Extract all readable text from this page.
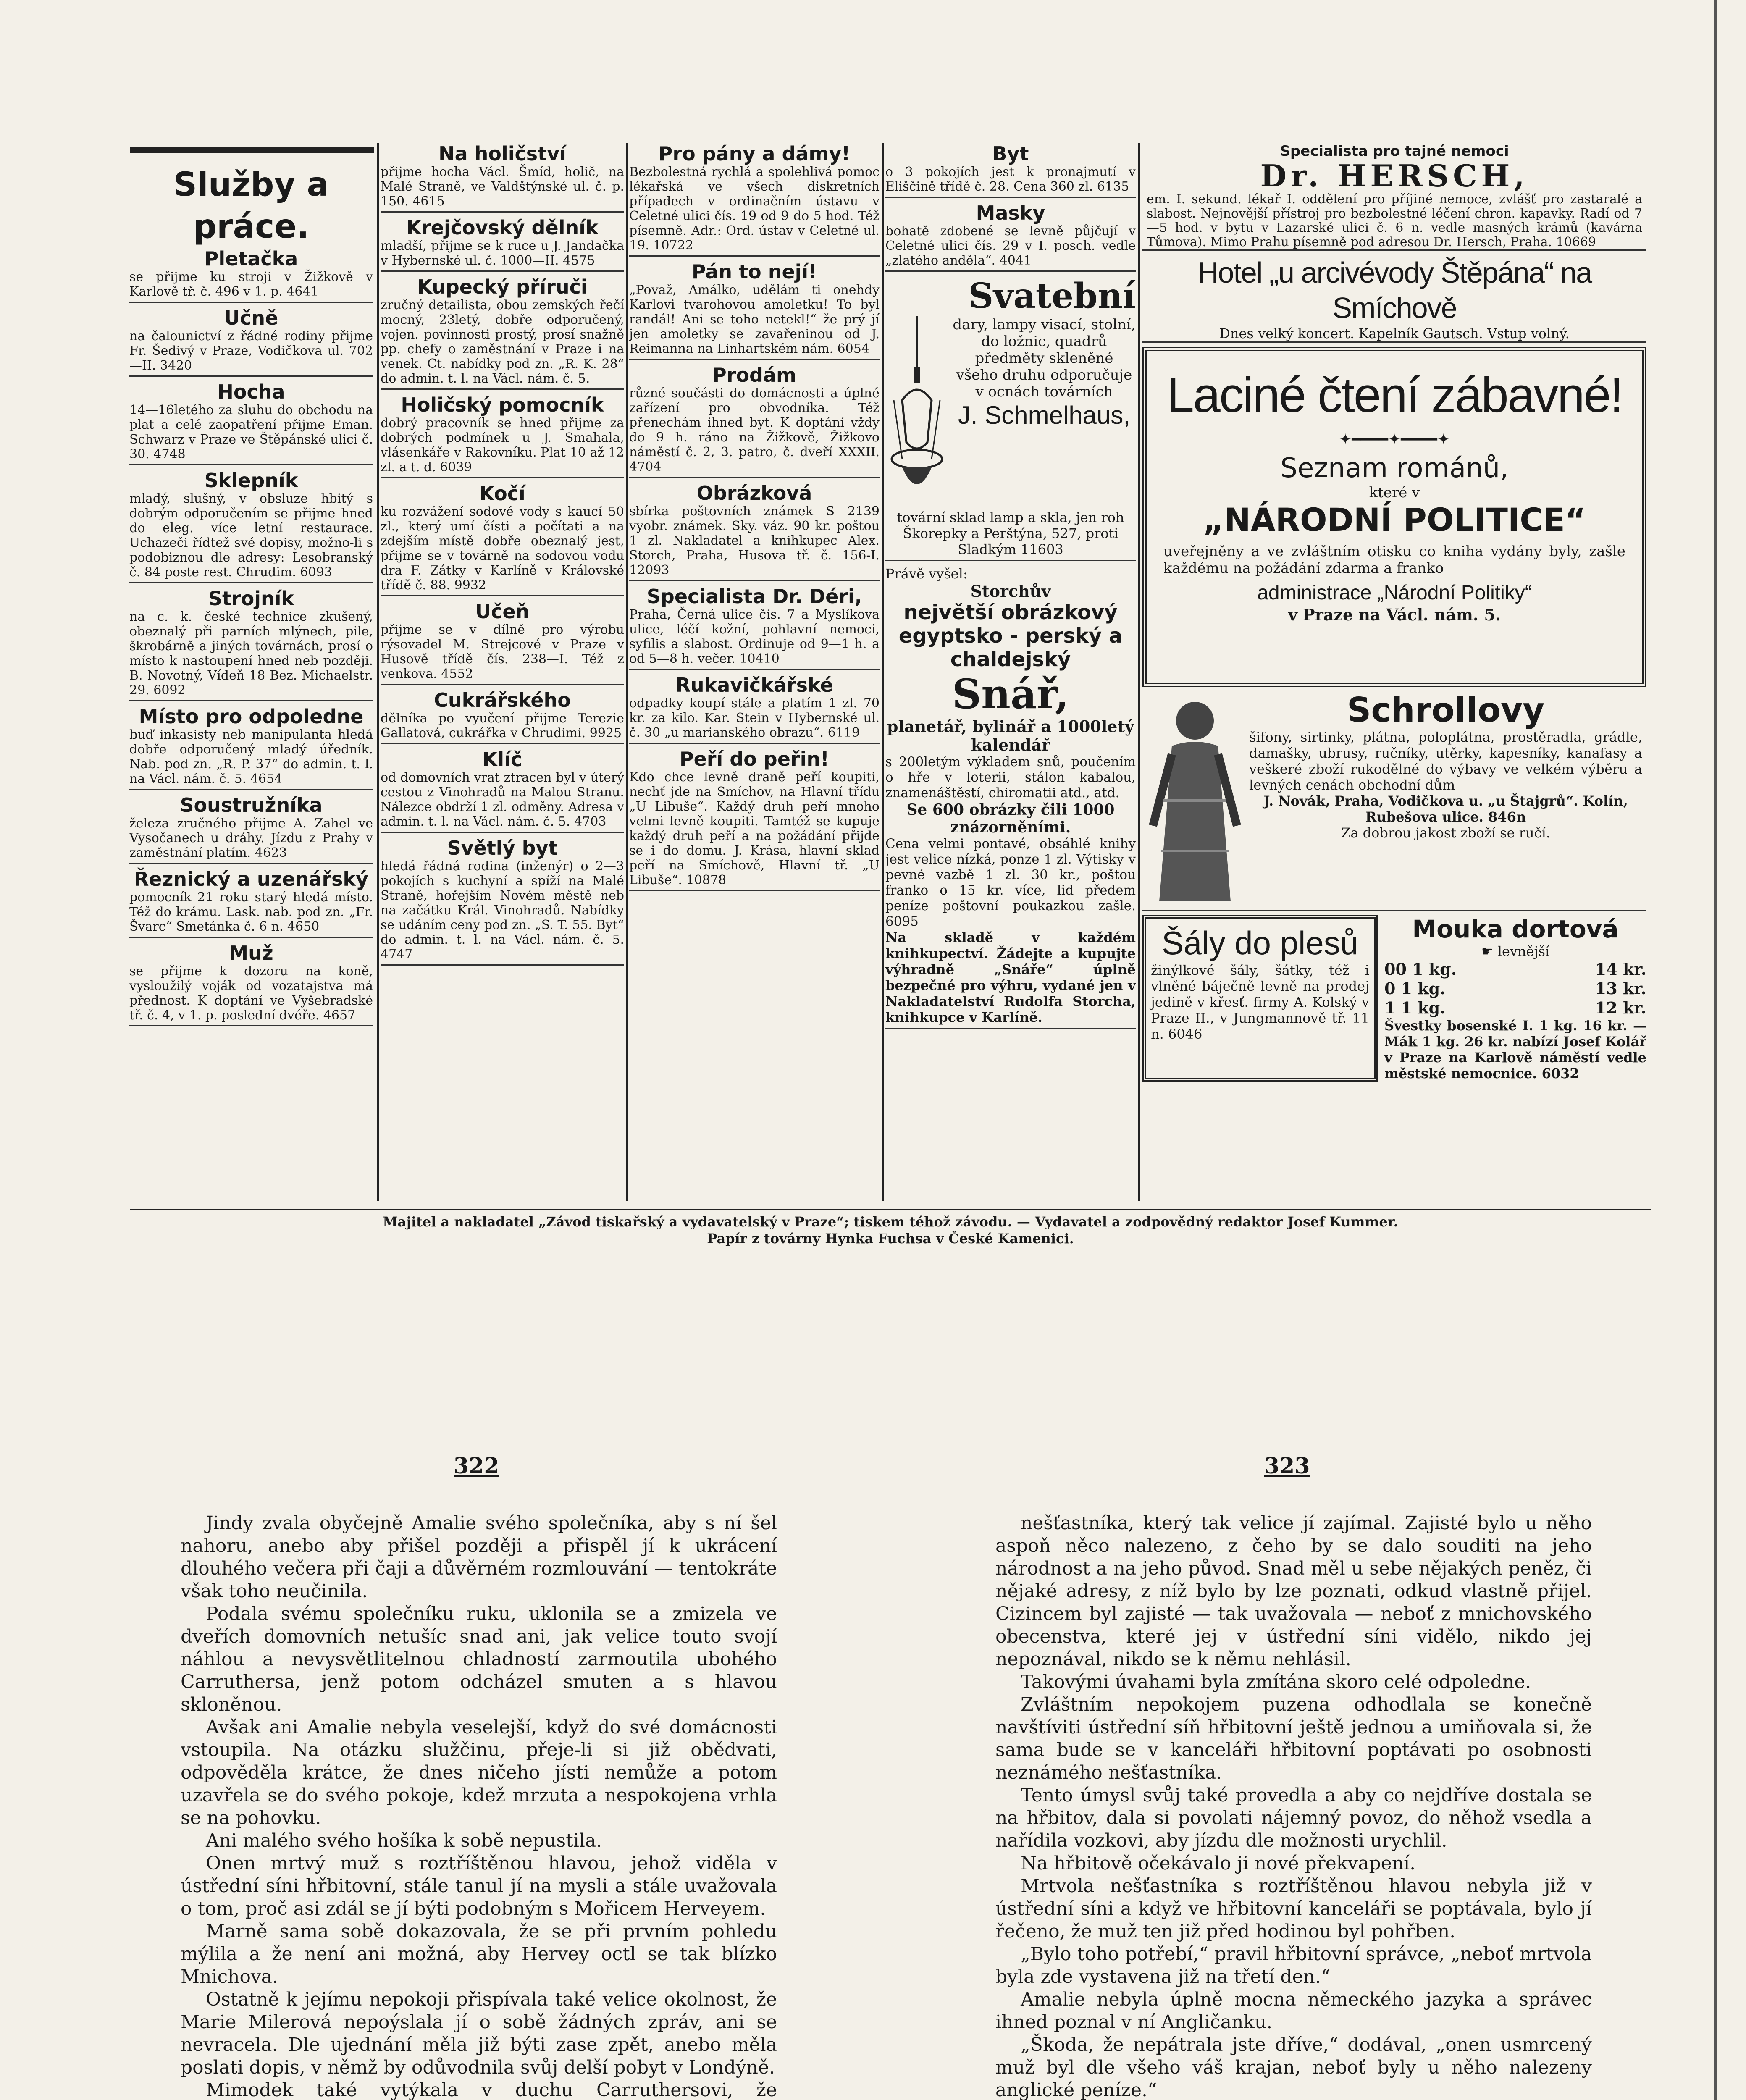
Služby a práce.

Pletačka

se přijme ku stroji v Žižkově v Karlově tř. č. 496 v 1. p. 4641

Učně

na čalounictví z řádné rodiny přijme Fr. Šedivý v Praze, Vodičkova ul. 702—II. 3420

Hocha

14—16letého za sluhu do obchodu na plat a celé zaopatření přijme Eman. Schwarz v Praze ve Štěpánské ulici č. 30. 4748

Sklepník

mladý, slušný, v obsluze hbitý s dobrým odporučením se přijme hned do eleg. více letní restaurace. Uchazeči řídtež své dopisy, možno-li s podobiznou dle adresy: Lesobranský č. 84 poste rest. Chrudim. 6093

Strojník

na c. k. české technice zkušený, obeznalý při parních mlýnech, pile, škrobárně a jiných továrnách, prosí o místo k nastoupení hned neb později. B. Novotný, Vídeň 18 Bez. Michaelstr. 29. 6092

Místo pro odpoledne

buď inkasisty neb manipulanta hledá dobře odporučený mladý úředník. Nab. pod zn. „R. P. 37“ do admin. t. l. na Václ. nám. č. 5. 4654

Soustružníka

železa zručného přijme A. Zahel ve Vysočanech u dráhy. Jízdu z Prahy v zaměstnání platím. 4623

Řeznický a uzenářský

pomocník 21 roku starý hledá místo. Též do krámu. Lask. nab. pod zn. „Fr. Švarc“ Smetánka č. 6 n. 4650

Muž

se přijme k dozoru na koně, vysloužilý voják od vozatajstva má přednost. K doptání ve Vyšebradské tř. č. 4, v 1. p. poslední dvéře. 4657

Na holičství

přijme hocha Václ. Šmíd, holič, na Malé Straně, ve Valdštýnské ul. č. p. 150. 4615

Krejčovský dělník

mladší, přijme se k ruce u J. Jandačka v Hybernské ul. č. 1000—II. 4575

Kupecký příruči

zručný detailista, obou zemských řečí mocný, 23letý, dobře odporučený, vojen. povinnosti prostý, prosí snažně pp. chefy o zaměstnání v Praze i na venek. Ct. nabídky pod zn. „R. K. 28“ do admin. t. l. na Václ. nám. č. 5.

Holičský pomocník

dobrý pracovník se hned přijme za dobrých podmínek u J. Smahala, vlásenkáře v Rakovníku. Plat 10 až 12 zl. a t. d. 6039

Kočí

ku rozvážení sodové vody s kaucí 50 zl., který umí čísti a počítati a na zdejším místě dobře obeznalý jest, přijme se v továrně na sodovou vodu dra F. Zátky v Karlíně v Královské třídě č. 88. 9932

Učeň

přijme se v dílně pro výrobu rýsovadel M. Strejcové v Praze v Husově třídě čís. 238—I. Též z venkova. 4552

Cukrářského

dělníka po vyučení přijme Terezie Gallatová, cukrářka v Chrudimi. 9925

Klíč

od domovních vrat ztracen byl v úterý cestou z Vinohradů na Malou Stranu. Nálezce obdrží 1 zl. odměny. Adresa v admin. t. l. na Václ. nám. č. 5. 4703

Světlý byt

hledá řádná rodina (inženýr) o 2—3 pokojích s kuchyní a spíží na Malé Straně, hořejším Novém městě neb na začátku Král. Vinohradů. Nabídky se udáním ceny pod zn. „S. T. 55. Byt“ do admin. t. l. na Václ. nám. č. 5. 4747

Pro pány a dámy!

Bezbolestná rychlá a spolehlivá pomoc lékařská ve všech diskretních případech v ordinačním ústavu v Celetné ulici čís. 19 od 9 do 5 hod. Též písemně. Adr.: Ord. ústav v Celetné ul. 19. 10722

Pán to nejí!

„Považ, Amálko, udělám ti onehdy Karlovi tvarohovou amoletku! To byl randál! Ani se toho netekl!“ že prý jí jen amoletky se zavařeninou od J. Reimanna na Linhartském nám. 6054

Prodám

různé součásti do domácnosti a úplné zařízení pro obvodníka. Též přenechám ihned byt. K doptání vždy do 9 h. ráno na Žižkově, Žižkovo náměstí č. 2, 3. patro, č. dveří XXXII. 4704

Obrázková

sbírka poštovních známek S 2139 vyobr. známek. Sky. váz. 90 kr. poštou 1 zl. Nakladatel a knihkupec Alex. Storch, Praha, Husova tř. č. 156-I. 12093

Specialista Dr. Déri,

Praha, Černá ulice čís. 7 a Myslíkova ulice, léčí kožní, pohlavní nemoci, syfilis a slabost. Ordinuje od 9—1 h. a od 5—8 h. večer. 10410

Rukavičkářské

odpadky koupí stále a platím 1 zl. 70 kr. za kilo. Kar. Stein v Hybernské ul. č. 30 „u marianského obrazu“. 6119

Peří do peřin!

Kdo chce levně draně peří koupiti, nechť jde na Smíchov, na Hlavní třídu „U Libuše“. Každý druh peří mnoho velmi levně koupiti. Tamtéž se kupuje každý druh peří a na požádání přijde se i do domu. J. Krása, hlavní sklad peří na Smíchově, Hlavní tř. „U Libuše“. 10878

Byt

o 3 pokojích jest k pronajmutí v Eliščině třídě č. 28. Cena 360 zl. 6135

Masky

bohatě zdobené se levně půjčují v Celetné ulici čís. 29 v I. posch. vedle „zlatého anděla“. 4041

Svatební

dary, lampy visací, stolní, do ložnic, quadrů předměty skleněné všeho druhu odporučuje v ocnách továrních

J. Schmelhaus,

tovární sklad lamp a skla, jen roh Škorepky a Perštýna, 527, proti Sladkým 11603

Právě vyšel:

Storchův

největší obrázkový egyptsko - perský a chaldejský

Snář,

planetář, bylinář a 1000letý kalendář

s 200letým výkladem snů, poučením o hře v loterii, stálon kabalou, znamenáštěstí, chiromatii atd., atd.

Se 600 obrázky čili 1000 znázorněními.

Cena velmi pontavé, obsáhlé knihy jest velice nízká, ponze 1 zl. Výtisky v pevné vazbě 1 zl. 30 kr., poštou franko o 15 kr. více, lid předem peníze poštovní poukazkou zašle. 6095

Na skladě v každém knihkupectví. Žádejte a kupujte výhradně „Snáře“ úplně bezpečné pro výhru, vydané jen v Nakladatelství Rudolfa Storcha, knihkupce v Karlíně.

Specialista pro tajné nemoci

Dr. HERSCH,

em. I. sekund. lékař I. oddělení pro příjiné nemoce, zvlášť pro zastaralé a slabost. Nejnovější přístroj pro bezbolestné léčení chron. kapavky. Radí od 7—5 hod. v bytu v Lazarské ulici č. 6 n. vedle masných krámů (kavárna Tůmova). Mimo Prahu písemně pod adresou Dr. Hersch, Praha. 10669

Hotel „u arcivévody Štěpána“ na Smíchově

Dnes velký koncert. Kapelník Gautsch. Vstup volný.

Laciné čtení zábavné!

✦━━━━✦━━━━✦

Seznam románů,

které v

„NÁRODNÍ POLITICE“

uveřejněny a ve zvláštním otisku co kniha vydány byly, zašle každému na požádání zdarma a franko

administrace „Národní Politiky“

v Praze na Václ. nám. 5.

Schrollovy

šifony, sirtinky, plátna, poloplátna, prostěradla, grádle, damašky, ubrusy, ručníky, utěrky, kapesníky, kanafasy a veškeré zboží rukodělné do výbavy ve velkém výběru a levných cenách obchodní dům

J. Novák, Praha, Vodičkova u. „u Štajgrů“. Kolín, Rubešova ulice. 846n

Za dobrou jakost zboží se ručí.

Šály do plesů

žinýlkové šály, šátky, též i vlněné báječně levně na prodej jedině v křesť. firmy A. Kolský v Praze II., v Jungmannově tř. 11 n. 6046

Mouka dortová

☛ levnější

00 1 kg.	14 kr.
0 1 kg.	13 kr.
1 1 kg.	12 kr.

Švestky bosenské I. 1 kg. 16 kr. — Mák 1 kg. 26 kr. nabízí Josef Kolář v Praze na Karlově náměstí vedle městské nemocnice. 6032

Majitel a nakladatel „Závod tiskařský a vydavatelský v Praze“; tiskem téhož závodu. — Vydavatel a zodpovědný redaktor Josef Kummer.

Papír z továrny Hynka Fuchsa v České Kamenici.

322	323

Jindy zvala obyčejně Amalie svého společníka, aby s ní šel nahoru, anebo aby přišel později a přispěl jí k ukrácení dlouhého večera při čaji a důvěrném rozmlouvání — tentokráte však toho neučinila.

Podala svému společníku ruku, uklonila se a zmizela ve dveřích domovních netušíc snad ani, jak velice touto svojí náhlou a nevysvětlitelnou chladností zarmoutila ubohého Carruthersa, jenž potom odcházel smuten a s hlavou skloněnou.

Avšak ani Amalie nebyla veselejší, když do své domácnosti vstoupila. Na otázku služčinu, přeje-li si již obědvati, odpověděla krátce, že dnes ničeho jísti nemůže a potom uzavřela se do svého pokoje, kdež mrzuta a nespokojena vrhla se na pohovku.

Ani malého svého hošíka k sobě nepustila.

Onen mrtvý muž s roztříštěnou hlavou, jehož viděla v ústřední síni hřbitovní, stále tanul jí na mysli a stále uvažovala o tom, proč asi zdál se jí býti podobným s Mořicem Herveyem.

Marně sama sobě dokazovala, že se při prvním pohledu mýlila a že není ani možná, aby Hervey octl se tak blízko Mnichova.

Ostatně k jejímu nepokoji přispívala také velice okolnost, že Marie Milerová nepoýslala jí o sobě žádných zpráv, ani se nevracela. Dle ujednání měla již býti zase zpět, anebo měla poslati dopis, v němž by odůvodnila svůj delší pobyt v Londýně.

Mimodek také vytýkala v duchu Carruthersovi, že

nešťastníka, který tak velice jí zajímal. Zajisté bylo u něho aspoň něco nalezeno, z čeho by se dalo souditi na jeho národnost a na jeho původ. Snad měl u sebe nějakých peněz, či nějaké adresy, z níž bylo by lze poznati, odkud vlastně přijel. Cizincem byl zajisté — tak uvažovala — neboť z mnichovského obecenstva, které jej v ústřední síni vidělo, nikdo jej nepoznával, nikdo se k němu nehlásil.

Takovými úvahami byla zmítána skoro celé odpoledne.

Zvláštním nepokojem puzena odhodlala se konečně navštíviti ústřední síň hřbitovní ještě jednou a umiňovala si, že sama bude se v kanceláři hřbitovní poptávati po osobnosti neznámého nešťastníka.

Tento úmysl svůj také provedla a aby co nejdříve dostala se na hřbitov, dala si povolati nájemný povoz, do něhož vsedla a nařídila vozkovi, aby jízdu dle možnosti urychlil.

Na hřbitově očekávalo ji nové překvapení.

Mrtvola nešťastníka s roztříštěnou hlavou nebyla již v ústřední síni a když ve hřbitovní kanceláři se poptávala, bylo jí řečeno, že muž ten již před hodinou byl pohřben.

„Bylo toho potřebí,“ pravil hřbitovní správce, „neboť mrtvola byla zde vystavena již na třetí den.“

Amalie nebyla úplně mocna německého jazyka a správec ihned poznal v ní Angličanku.

„Škoda, že nepátrala jste dříve,“ dodával, „onen usmrcený muž byl dle všeho váš krajan, neboť byly u něho nalezeny anglické peníze.“
